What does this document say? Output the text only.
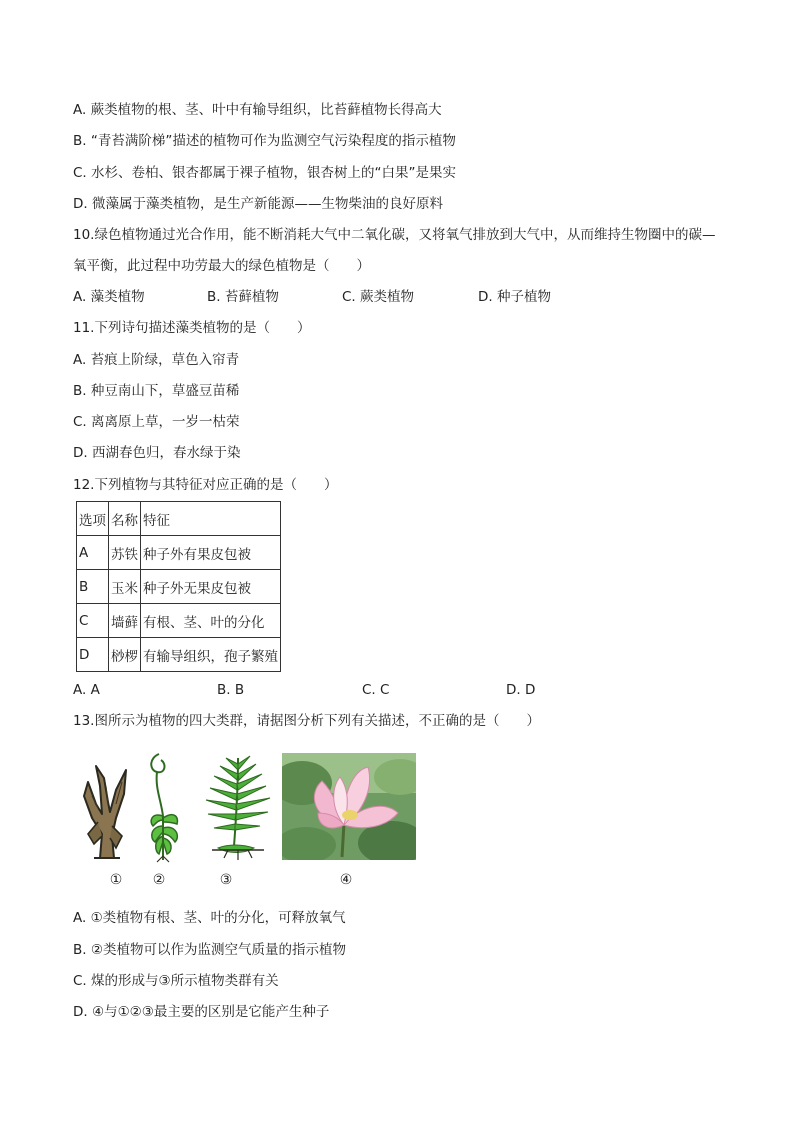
A. 蕨类植物的根、茎、叶中有输导组织，比苔藓植物长得高大
B. “青苔满阶梯”描述的植物可作为监测空气污染程度的指示植物
C. 水杉、卷柏、银杏都属于裸子植物，银杏树上的“白果”是果实
D. 微藻属于藻类植物，是生产新能源——生物柴油的良好原料
10.绿色植物通过光合作用，能不断消耗大气中二氧化碳，又将氧气排放到大气中，从而维持生物圈中的碳—
氧平衡，此过程中功劳最大的绿色植物是（　　）
A. 藻类植物	B. 苔藓植物	C. 蕨类植物	D. 种子植物
11.下列诗句描述藻类植物的是（　　）
A. 苔痕上阶绿，草色入帘青
B. 种豆南山下，草盛豆苗稀
C. 离离原上草，一岁一枯荣
D. 西湖春色归，春水绿于染
12.下列植物与其特征对应正确的是（　　）
选项	名称	特征
A	苏铁	种子外有果皮包被
B	玉米	种子外无果皮包被
C	墙藓	有根、茎、叶的分化
D	桫椤	有输导组织，孢子繁殖
A. A	B. B	C. C	D. D
13.图所示为植物的四大类群，请据图分析下列有关描述，不正确的是（　　）
①	②	③	④
A. ①类植物有根、茎、叶的分化，可释放氧气
B. ②类植物可以作为监测空气质量的指示植物
C. 煤的形成与③所示植物类群有关
D. ④与①②③最主要的区别是它能产生种子
